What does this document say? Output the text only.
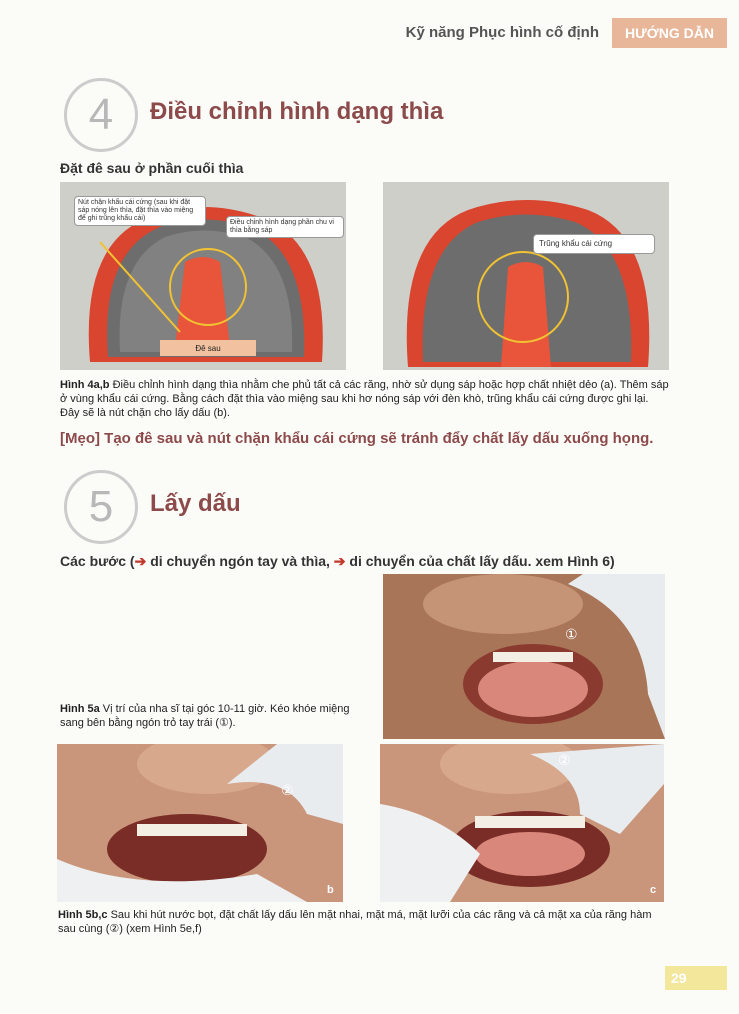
Kỹ năng Phục hình cố định	HƯỚNG DẪN
4	Điều chỉnh hình dạng thìa
Đặt đê sau ở phần cuối thìa
Nút chặn khẩu cái cứng (sau khi đặt sáp nóng lên thìa, đặt thìa vào miệng để ghi trũng khẩu cái)
Điều chỉnh hình dạng phần chu vi thìa bằng sáp
Đê sau
Trũng khẩu cái cứng
Hình 4a,b Điều chỉnh hình dạng thìa nhằm che phủ tất cả các răng, nhờ sử dụng sáp hoặc hợp chất nhiệt dẻo (a). Thêm sáp ở vùng khẩu cái cứng. Bằng cách đặt thìa vào miệng sau khi hơ nóng sáp với đèn khò, trũng khẩu cái cứng được ghi lại. Đây sẽ là nút chặn cho lấy dấu (b).
[Mẹo] Tạo đê sau và nút chặn khẩu cái cứng sẽ tránh đẩy chất lấy dấu xuống họng.
5	Lấy dấu
Các bước (➔ di chuyển ngón tay và thìa, ➔ di chuyển của chất lấy dấu. xem Hình 6)
①
Hình 5a Vị trí của nha sĩ tại góc 10-11 giờ. Kéo khóe miệng sang bên bằng ngón trỏ tay trái (①).
②
b
②
c
Hình 5b,c Sau khi hút nước bọt, đặt chất lấy dấu lên mặt nhai, mặt má, mặt lưỡi của các răng và cả mặt xa của răng hàm sau cùng (②) (xem Hình 5e,f)
29
